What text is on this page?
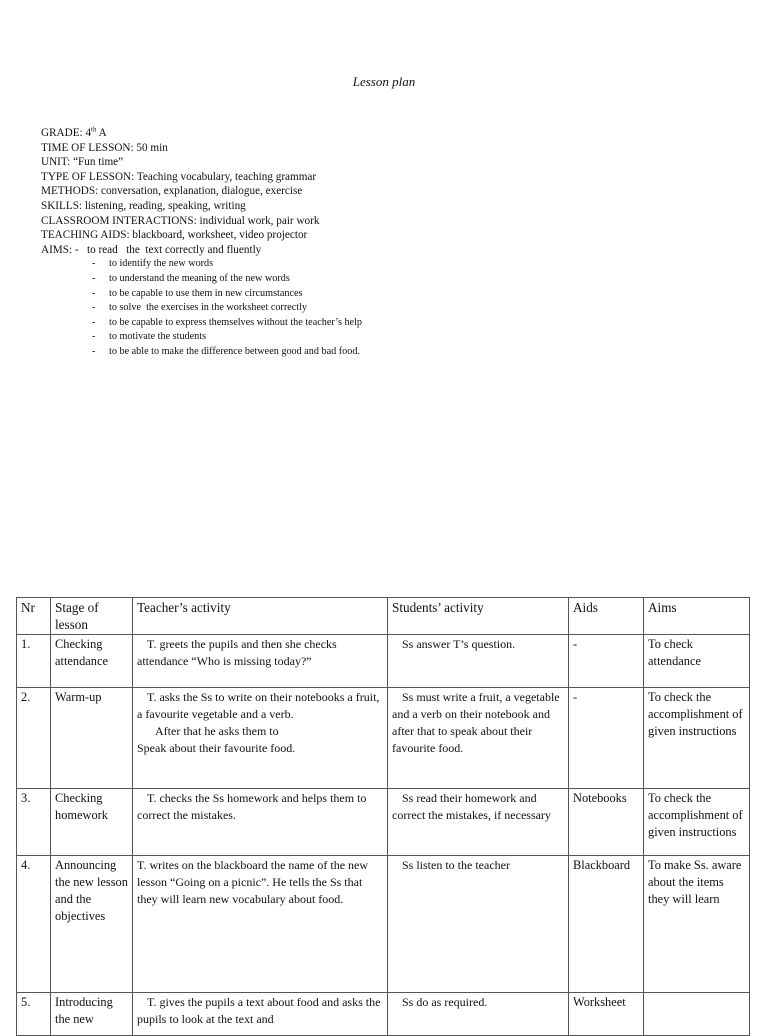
Lesson plan
GRADE: 4th A
TIME OF LESSON: 50 min
UNIT: “Fun time”
TYPE OF LESSON: Teaching vocabulary, teaching grammar
METHODS: conversation, explanation, dialogue, exercise
SKILLS: listening, reading, speaking, writing
CLASSROOM INTERACTIONS: individual work, pair work
TEACHING AIDS: blackboard, worksheet, video projector
AIMS: -   to read   the  text correctly and fluently
- to identify the new words
- to understand the meaning of the new words
- to be capable to use them in new circumstances
- to solve  the exercises in the worksheet correctly
- to be capable to express themselves without the teacher’s help
- to motivate the students
- to be able to make the difference between good and bad food.
Nr	Stage of lesson	Teacher’s activity	Students’ activity	Aids	Aims
1.	Checking attendance	T. greets the pupils and then she checks attendance “Who is missing today?”	Ss answer T’s question.	-	To check attendance
2.	Warm-up	T. asks the Ss to write on their notebooks a fruit, a favourite vegetable and a verb.
After that he asks them to
Speak about their favourite food.	Ss must write a fruit, a vegetable and a verb on their notebook and after that to speak about their favourite food.	-	To check the accomplishment of given instructions
3.	Checking homework	T. checks the Ss homework and helps them to correct the mistakes.	Ss read their homework and correct the mistakes, if necessary	Notebooks	To check the accomplishment of given instructions
4.	Announcing the new lesson and the objectives	T. writes on the blackboard the name of the new lesson “Going on a picnic”. He tells the Ss that they will learn new vocabulary about food.	Ss listen to the teacher	Blackboard	To make Ss. aware about the items they will learn
5.	Introducing the new	T. gives the pupils a text about food and asks the pupils to look at the text and	Ss do as required.	Worksheet	
